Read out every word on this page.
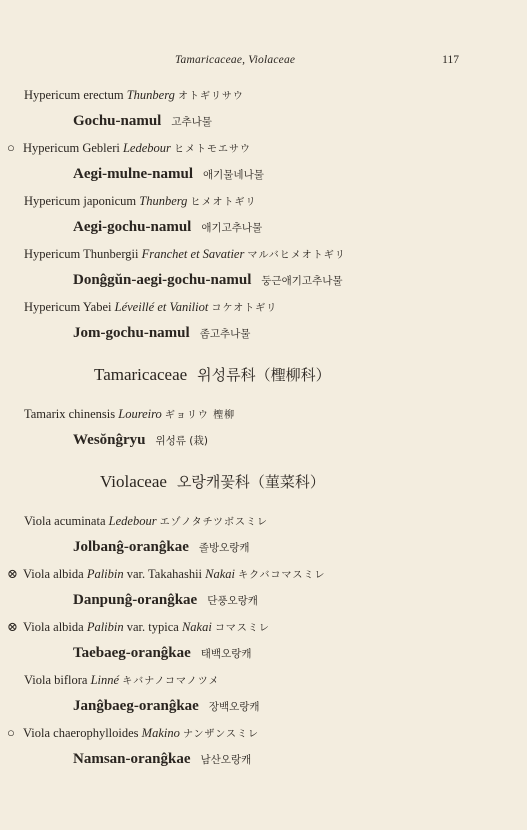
Tamaricaceae, Violaceae	117
Hypericum erectum Thunberg オトギリサウ
Gochu-namul 고추나물
○ Hypericum Gebleri Ledebour ヒメトモエサウ
Aegi-mulne-namul 애기물네나물
Hypericum japonicum Thunberg ヒメオトギリ
Aegi-gochu-namul 애기고추나물
Hypericum Thunbergii Franchet et Savatier マルバヒメオトギリ
Donĝgŭn-aegi-gochu-namul 둥근애기고추나물
Hypericum Yabei Léveillé et Vaniliot コケオトギリ
Jom-gochu-namul 좀고추나물
Tamaricaceae 위성류科（檉柳科）
Tamarix chinensis Loureiro ギョリウ 檉柳
Wesŏnĝryu 위성류 (栽)
Violaceae 오랑캐꽃科（菫菜科）
Viola acuminata Ledebour エゾノタチツボスミレ
Jolbanĝ-oranĝkae 졸방오랑캐
⊗ Viola albida Palibin var. Takahashii Nakai キクバコマスミレ
Danpunĝ-oranĝkae 단풍오랑캐
⊗ Viola albida Palibin var. typica Nakai コマスミレ
Taebaeg-oranĝkae 태백오랑캐
Viola biflora Linné キバナノコマノツメ
Janĝbaeg-oranĝkae 장백오랑캐
○ Viola chaerophylloides Makino ナンザンスミレ
Namsan-oranĝkae 남산오랑캐
